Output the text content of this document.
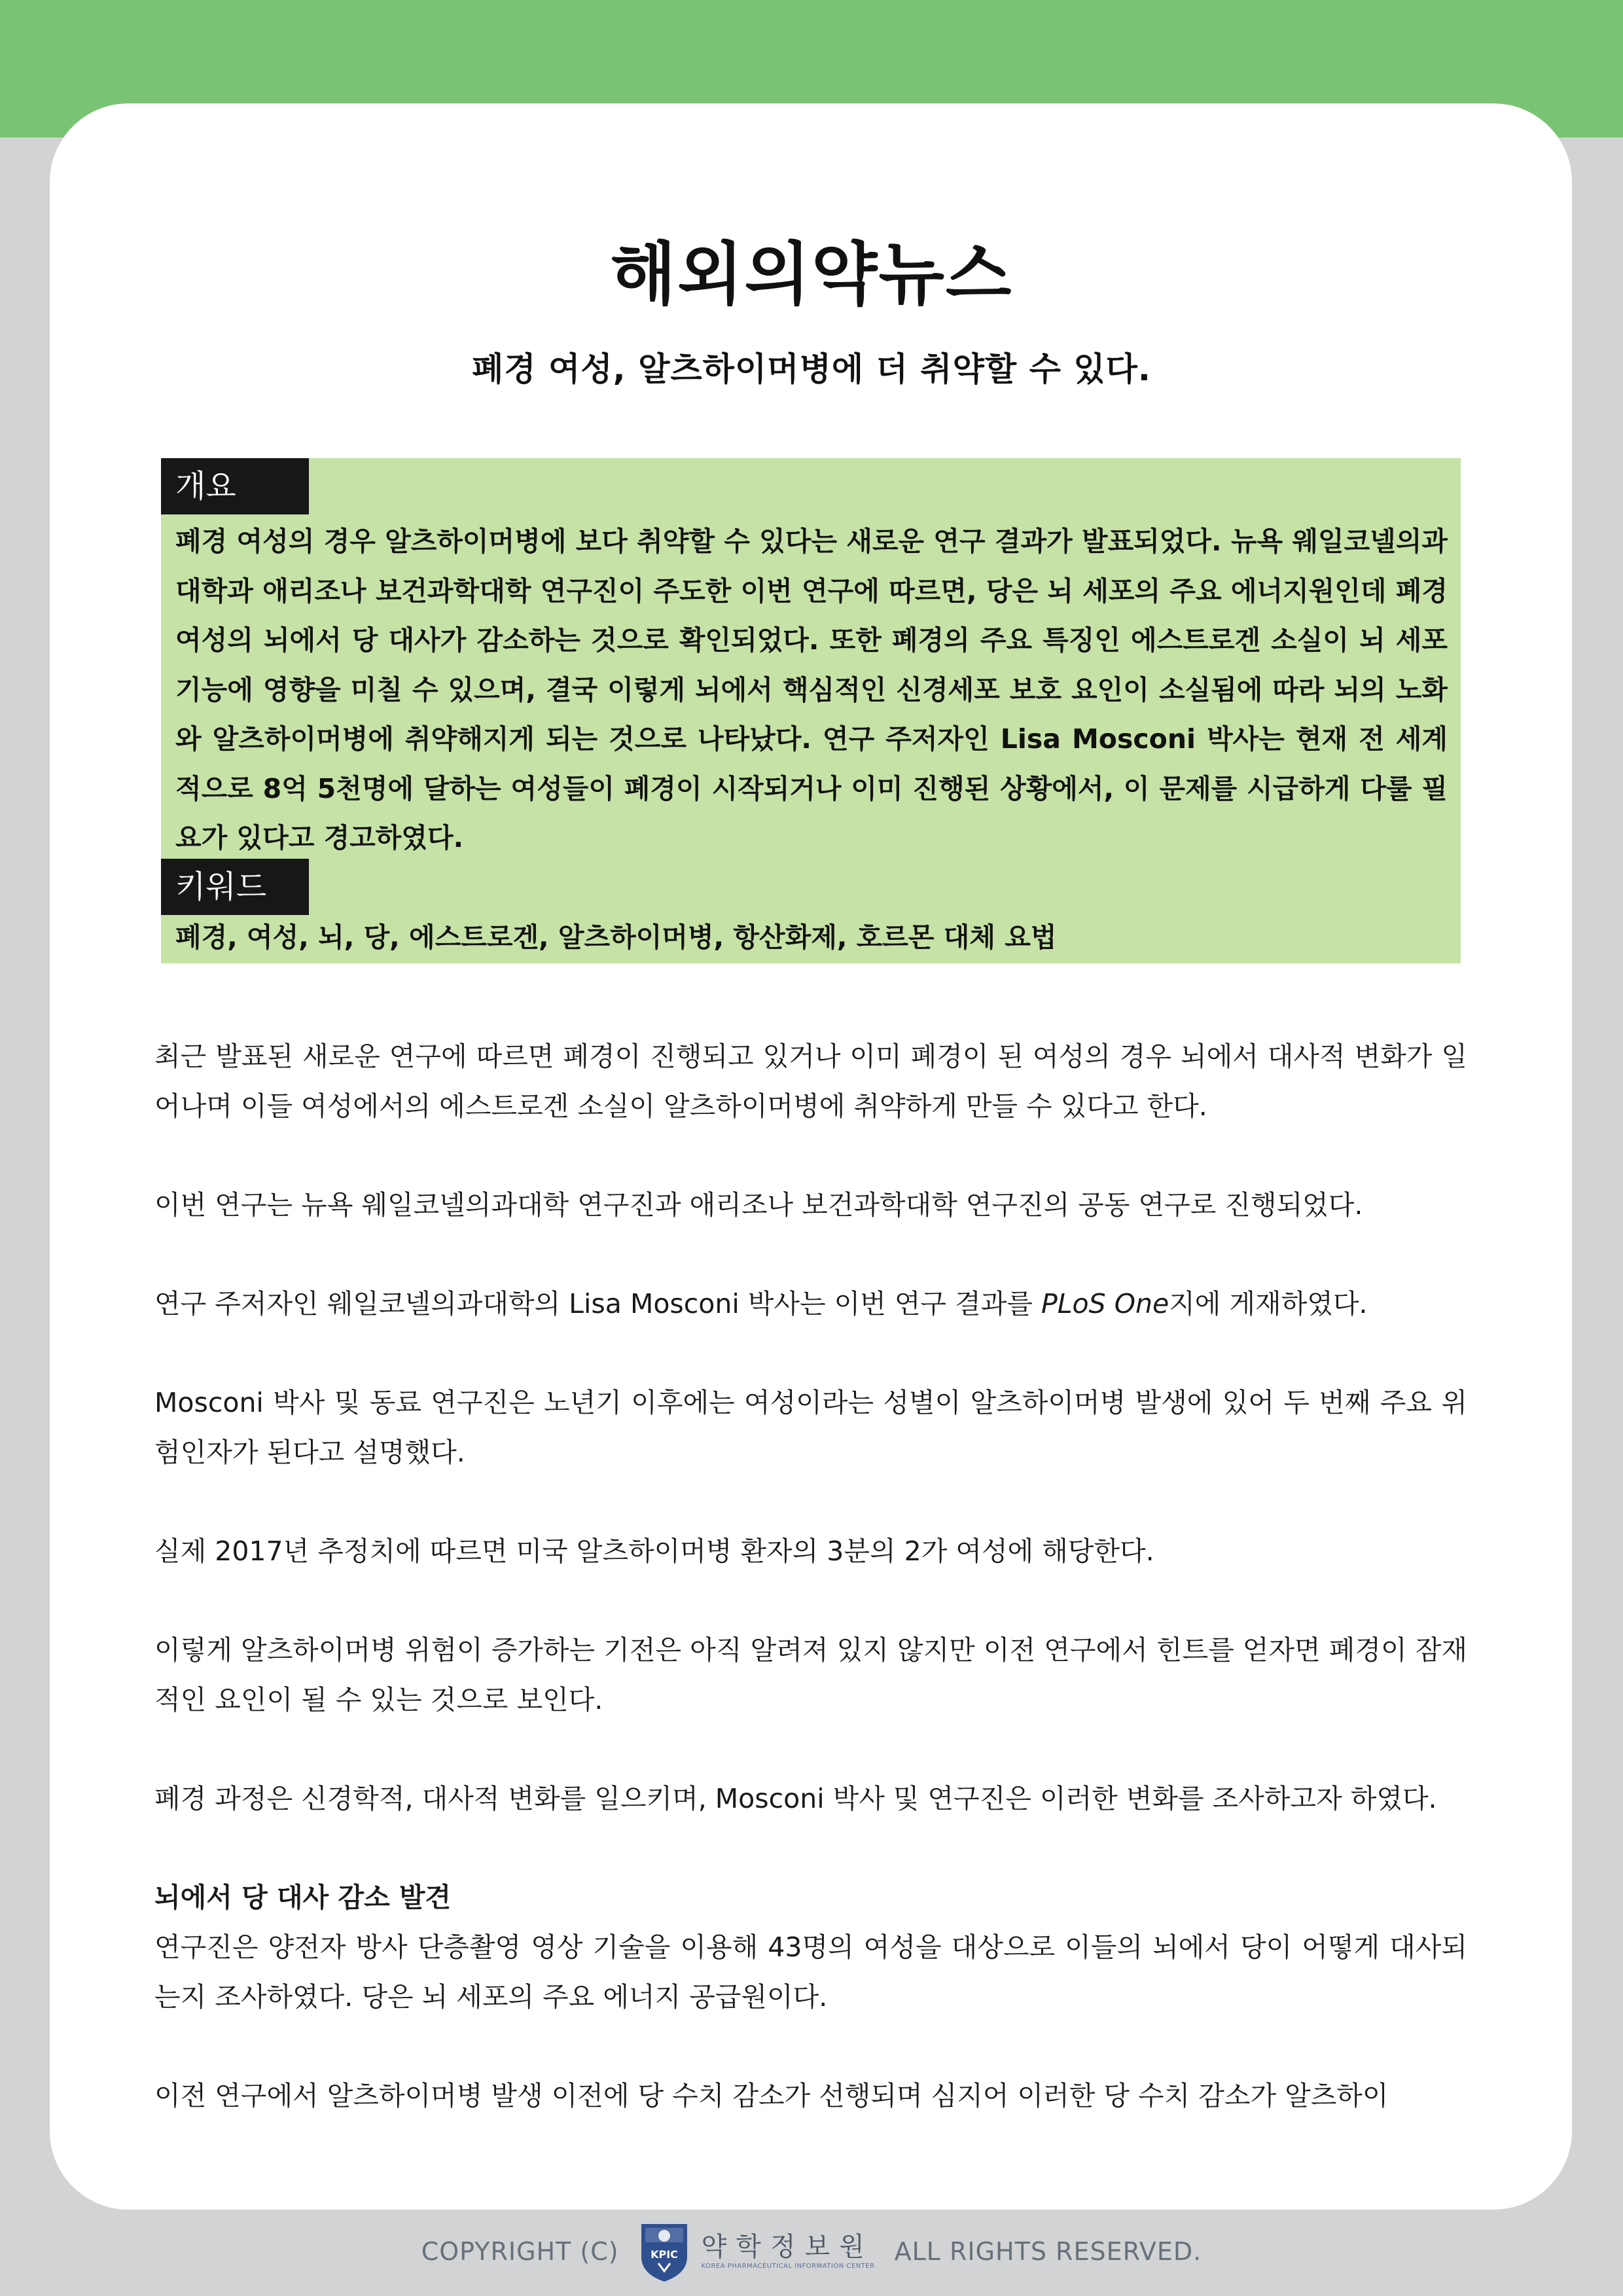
해외의약뉴스
폐경 여성, 알츠하이머병에 더 취약할 수 있다.
개요
폐경 여성의 경우 알츠하이머병에 보다 취약할 수 있다는 새로운 연구 결과가 발표되었다. 뉴욕 웨일코넬의과대학과 애리조나 보건과학대학 연구진이 주도한 이번 연구에 따르면, 당은 뇌 세포의 주요 에너지원인데 폐경 여성의 뇌에서 당 대사가 감소하는 것으로 확인되었다. 또한 폐경의 주요 특징인 에스트로겐 소실이 뇌 세포 기능에 영향을 미칠 수 있으며, 결국 이렇게 뇌에서 핵심적인 신경세포 보호 요인이 소실됨에 따라 뇌의 노화와 알츠하이머병에 취약해지게 되는 것으로 나타났다. 연구 주저자인 Lisa Mosconi 박사는 현재 전 세계적으로 8억 5천명에 달하는 여성들이 폐경이 시작되거나 이미 진행된 상황에서, 이 문제를 시급하게 다룰 필요가 있다고 경고하였다.
키워드
폐경, 여성, 뇌, 당, 에스트로겐, 알츠하이머병, 항산화제, 호르몬 대체 요법

최근 발표된 새로운 연구에 따르면 폐경이 진행되고 있거나 이미 폐경이 된 여성의 경우 뇌에서 대사적 변화가 일어나며 이들 여성에서의 에스트로겐 소실이 알츠하이머병에 취약하게 만들 수 있다고 한다.

이번 연구는 뉴욕 웨일코넬의과대학 연구진과 애리조나 보건과학대학 연구진의 공동 연구로 진행되었다.

연구 주저자인 웨일코넬의과대학의 Lisa Mosconi 박사는 이번 연구 결과를 PLoS One지에 게재하였다.

Mosconi 박사 및 동료 연구진은 노년기 이후에는 여성이라는 성별이 알츠하이머병 발생에 있어 두 번째 주요 위험인자가 된다고 설명했다.

실제 2017년 추정치에 따르면 미국 알츠하이머병 환자의 3분의 2가 여성에 해당한다.

이렇게 알츠하이머병 위험이 증가하는 기전은 아직 알려져 있지 않지만 이전 연구에서 힌트를 얻자면 폐경이 잠재적인 요인이 될 수 있는 것으로 보인다.

폐경 과정은 신경학적, 대사적 변화를 일으키며, Mosconi 박사 및 연구진은 이러한 변화를 조사하고자 하였다.

뇌에서 당 대사 감소 발견

연구진은 양전자 방사 단층촬영 영상 기술을 이용해 43명의 여성을 대상으로 이들의 뇌에서 당이 어떻게 대사되는지 조사하였다. 당은 뇌 세포의 주요 에너지 공급원이다.

이전 연구에서 알츠하이머병 발생 이전에 당 수치 감소가 선행되며 심지어 이러한 당 수치 감소가 알츠하이

COPYRIGHT (C)	KPIC 약학정보원
KOREA PHARMACEUTICAL INFORMATION CENTER
ALL RIGHTS RESERVED.
